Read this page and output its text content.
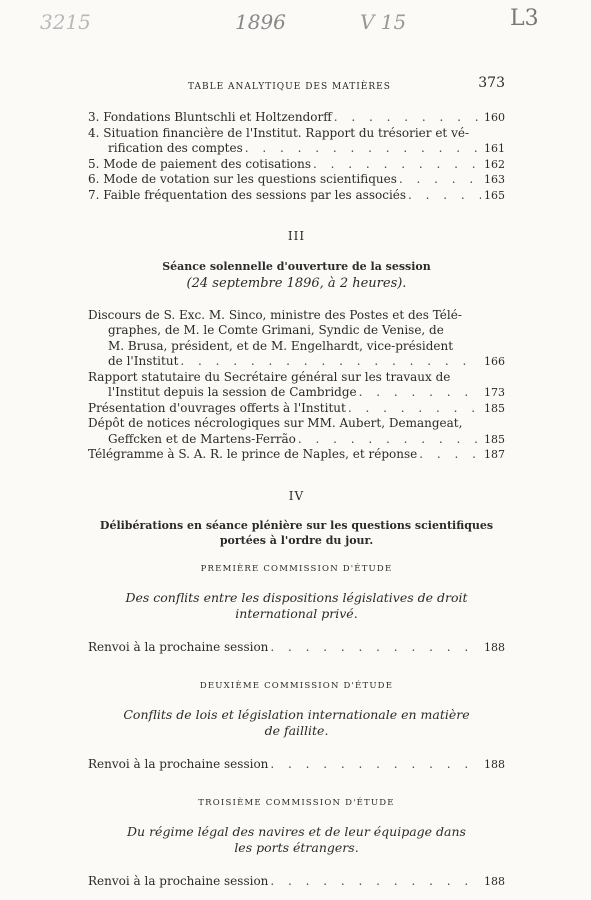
3215	1896	V 15	L3
TABLE ANALYTIQUE DES MATIÈRES	373
3. Fondations Bluntschli et Holtzendorff . . .	160
4. Situation financière de l'Institut. Rapport du trésorier et vé-
rification des comptes . . .	161
5. Mode de paiement des cotisations . . .	162
6. Mode de votation sur les questions scientifiques . . .	163
7. Faible fréquentation des sessions par les associés . . .	165
III
Séance solennelle d'ouverture de la session
(24 septembre 1896, à 2 heures).
Discours de S. Exc. M. Sinco, ministre des Postes et des Télé-
graphes, de M. le Comte Grimani, Syndic de Venise, de
M. Brusa, président, et de M. Engelhardt, vice-président
de l'Institut . . .	166
Rapport statutaire du Secrétaire général sur les travaux de
l'Institut depuis la session de Cambridge . . .	173
Présentation d'ouvrages offerts à l'Institut . . .	185
Dépôt de notices nécrologiques sur MM. Aubert, Demangeat,
Geffcken et de Martens-Ferrão . . .	185
Télégramme à S. A. R. le prince de Naples, et réponse . . .	187
IV
Délibérations en séance plénière sur les questions scientifiques
portées à l'ordre du jour.
PREMIÈRE COMMISSION D'ÉTUDE
Des conflits entre les dispositions législatives de droit
international privé.
Renvoi à la prochaine session . . .	188
DEUXIÈME COMMISSION D'ÉTUDE
Conflits de lois et législation internationale en matière
de faillite.
Renvoi à la prochaine session . . .	188
TROISIÈME COMMISSION D'ÉTUDE
Du régime légal des navires et de leur équipage dans
les ports étrangers.
Renvoi à la prochaine session . . .	188
